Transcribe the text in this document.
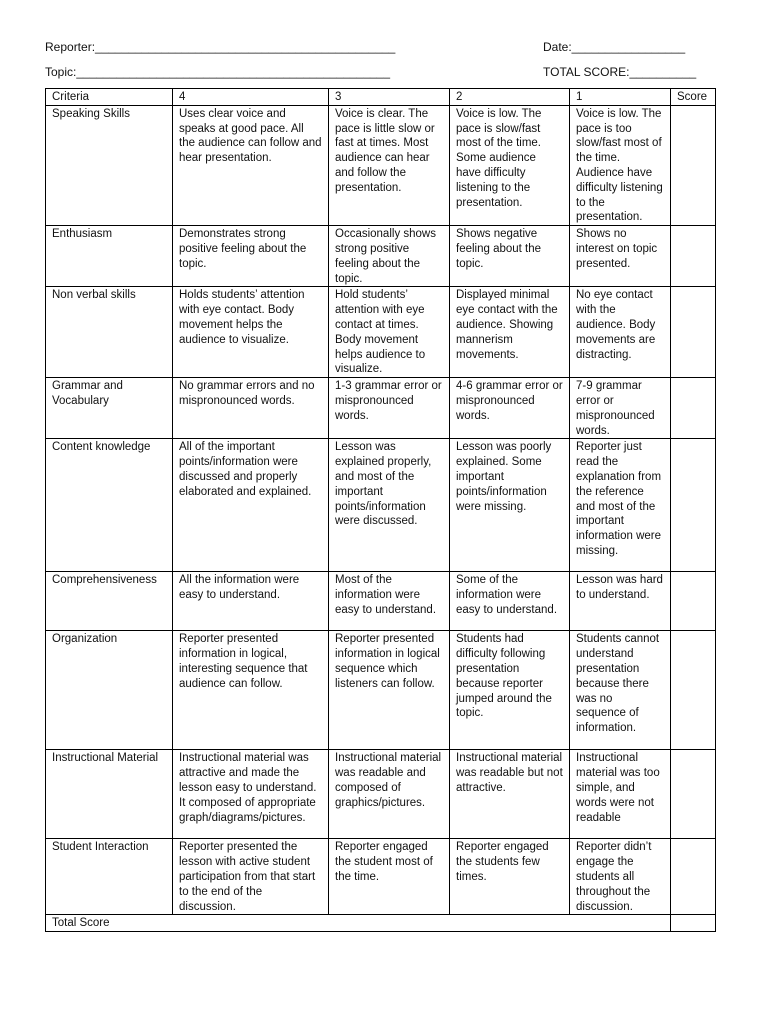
Reporter:_____________________________________________	Date:_________________
Topic:_______________________________________________	TOTAL SCORE:__________
Criteria	4	3	2	1	Score
Speaking Skills	Uses clear voice and speaks at good pace. All the audience can follow and hear presentation.	Voice is clear. The pace is little slow or fast at times. Most audience can hear and follow the presentation.	Voice is low. The pace is slow/fast most of the time. Some audience have difficulty listening to the presentation.	Voice is low. The pace is too slow/fast most of the time. Audience have difficulty listening to the presentation.	
Enthusiasm	Demonstrates strong positive feeling about the topic.	Occasionally shows strong positive feeling about the topic.	Shows negative feeling about the topic.	Shows no interest on topic presented.	
Non verbal skills	Holds students’ attention with eye contact. Body movement helps the audience to visualize.	Hold students’ attention with eye contact at times. Body movement helps audience to visualize.	Displayed minimal eye contact with the audience. Showing mannerism movements.	No eye contact with the audience. Body movements are distracting.	
Grammar and Vocabulary	No grammar errors and no mispronounced words.	1-3 grammar error or mispronounced words.	4-6 grammar error or mispronounced words.	7-9 grammar error or mispronounced words.	
Content knowledge	All of the important points/information were discussed and properly elaborated and explained.	Lesson was explained properly, and most of the important points/information were discussed.	Lesson was poorly explained. Some important points/information were missing.	Reporter just read the explanation from the reference and most of the important information were missing.	
Comprehensiveness	All the information were easy to understand.	Most of the information were easy to understand.	Some of the information were easy to understand.	Lesson was hard to understand.	
Organization	Reporter presented information in logical, interesting sequence that audience can follow.	Reporter presented information in logical sequence which listeners can follow.	Students had difficulty following presentation because reporter jumped around the topic.	Students cannot understand presentation because there was no sequence of information.	
Instructional Material	Instructional material was attractive and made the lesson easy to understand. It composed of appropriate graph/diagrams/pictures.	Instructional material was readable and composed of graphics/pictures.	Instructional material was readable but not attractive.	Instructional material was too simple, and words were not readable	
Student Interaction	Reporter presented the lesson with active student participation from that start to the end of the discussion.	Reporter engaged the student most of the time.	Reporter engaged the students few times.	Reporter didn’t engage the students all throughout the discussion.	
Total Score					
